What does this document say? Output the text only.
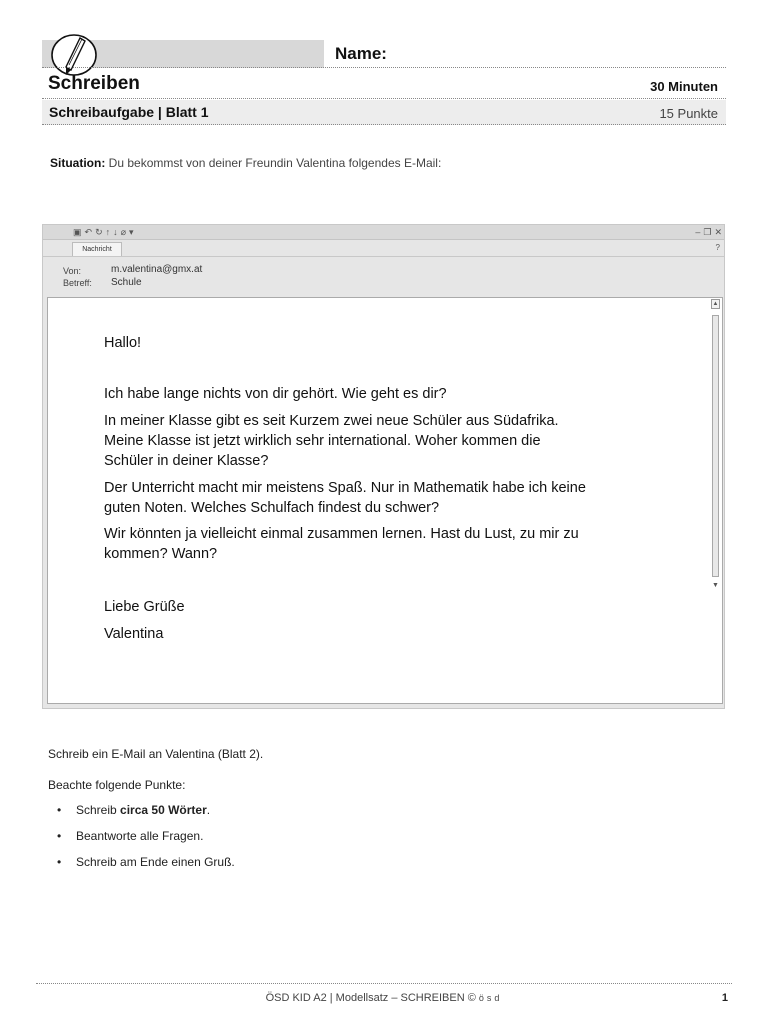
Name:
Schreiben	30 Minuten
Schreibaufgabe | Blatt 1	15 Punkte
Situation: Du bekommst von deiner Freundin Valentina folgendes E-Mail:
▣ ↶ ↻ ↑ ↓ ⌀ ▾	– ❐ ✕
Nachricht	?
Von:	m.valentina@gmx.at
Betreff: Schule
▲
▼
Hallo!
Ich habe lange nichts von dir gehört. Wie geht es dir?
In meiner Klasse gibt es seit Kurzem zwei neue Schüler aus Südafrika.
Meine Klasse ist jetzt wirklich sehr international. Woher kommen die
Schüler in deiner Klasse?
Der Unterricht macht mir meistens Spaß. Nur in Mathematik habe ich keine
guten Noten. Welches Schulfach findest du schwer?
Wir könnten ja vielleicht einmal zusammen lernen. Hast du Lust, zu mir zu
kommen? Wann?
Liebe Grüße
Valentina
Schreib ein E-Mail an Valentina (Blatt 2).
Beachte folgende Punkte:
• Schreib circa 50 Wörter.
• Beantworte alle Fragen.
• Schreib am Ende einen Gruß.
ÖSD KID A2 | Modellsatz – SCHREIBEN © ösd	1
